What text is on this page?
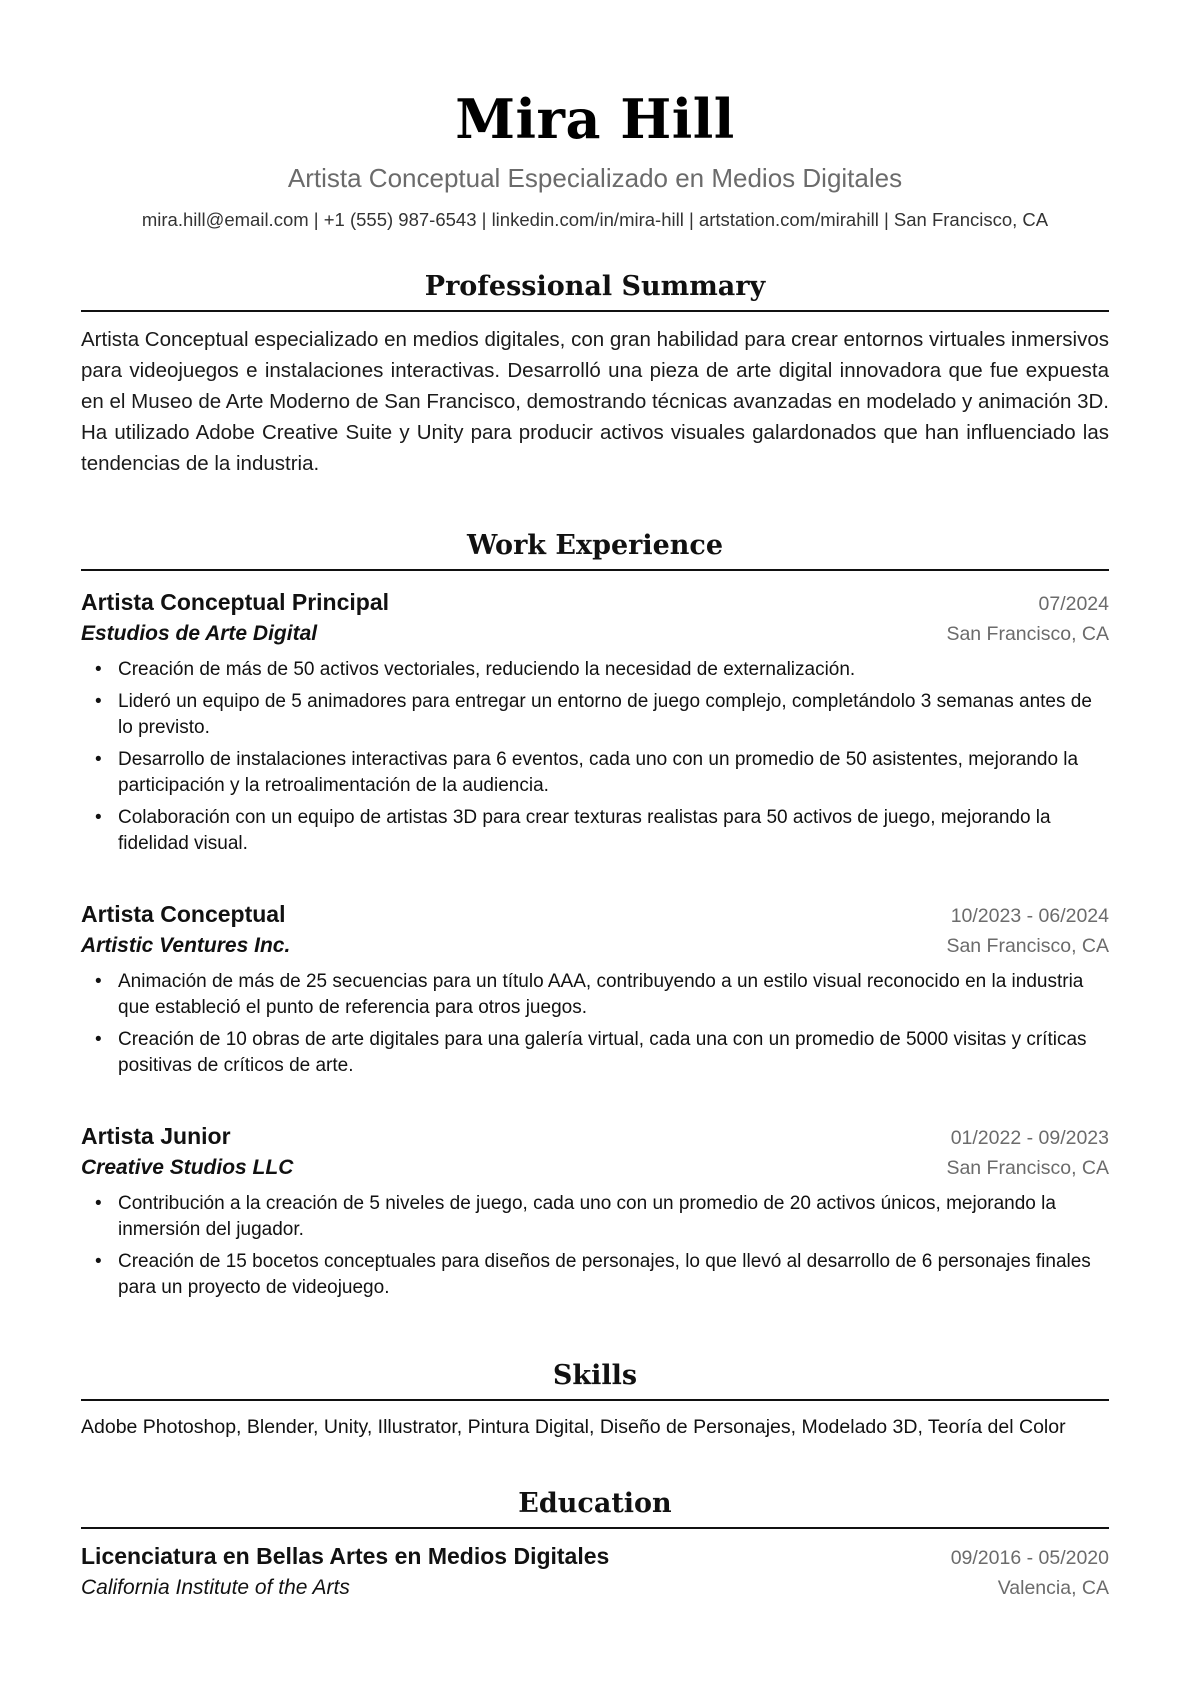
Mira Hill
Artista Conceptual Especializado en Medios Digitales
mira.hill@email.com | +1 (555) 987-6543 | linkedin.com/in/mira-hill | artstation.com/mirahill | San Francisco, CA
Professional Summary
Artista Conceptual especializado en medios digitales, con gran habilidad para crear entornos virtuales inmersivos para videojuegos e instalaciones interactivas. Desarrolló una pieza de arte digital innovadora que fue expuesta en el Museo de Arte Moderno de San Francisco, demostrando técnicas avanzadas en modelado y animación 3D. Ha utilizado Adobe Creative Suite y Unity para producir activos visuales galardonados que han influenciado las tendencias de la industria.
Work Experience
Artista Conceptual Principal	07/2024
Estudios de Arte Digital	San Francisco, CA
• Creación de más de 50 activos vectoriales, reduciendo la necesidad de externalización.
• Lideró un equipo de 5 animadores para entregar un entorno de juego complejo, completándolo 3 semanas antes de lo previsto.
• Desarrollo de instalaciones interactivas para 6 eventos, cada uno con un promedio de 50 asistentes, mejorando la participación y la retroalimentación de la audiencia.
• Colaboración con un equipo de artistas 3D para crear texturas realistas para 50 activos de juego, mejorando la fidelidad visual.
Artista Conceptual	10/2023 - 06/2024
Artistic Ventures Inc.	San Francisco, CA
• Animación de más de 25 secuencias para un título AAA, contribuyendo a un estilo visual reconocido en la industria que estableció el punto de referencia para otros juegos.
• Creación de 10 obras de arte digitales para una galería virtual, cada una con un promedio de 5000 visitas y críticas positivas de críticos de arte.
Artista Junior	01/2022 - 09/2023
Creative Studios LLC	San Francisco, CA
• Contribución a la creación de 5 niveles de juego, cada uno con un promedio de 20 activos únicos, mejorando la inmersión del jugador.
• Creación de 15 bocetos conceptuales para diseños de personajes, lo que llevó al desarrollo de 6 personajes finales para un proyecto de videojuego.
Skills
Adobe Photoshop, Blender, Unity, Illustrator, Pintura Digital, Diseño de Personajes, Modelado 3D, Teoría del Color
Education
Licenciatura en Bellas Artes en Medios Digitales	09/2016 - 05/2020
California Institute of the Arts	Valencia, CA
